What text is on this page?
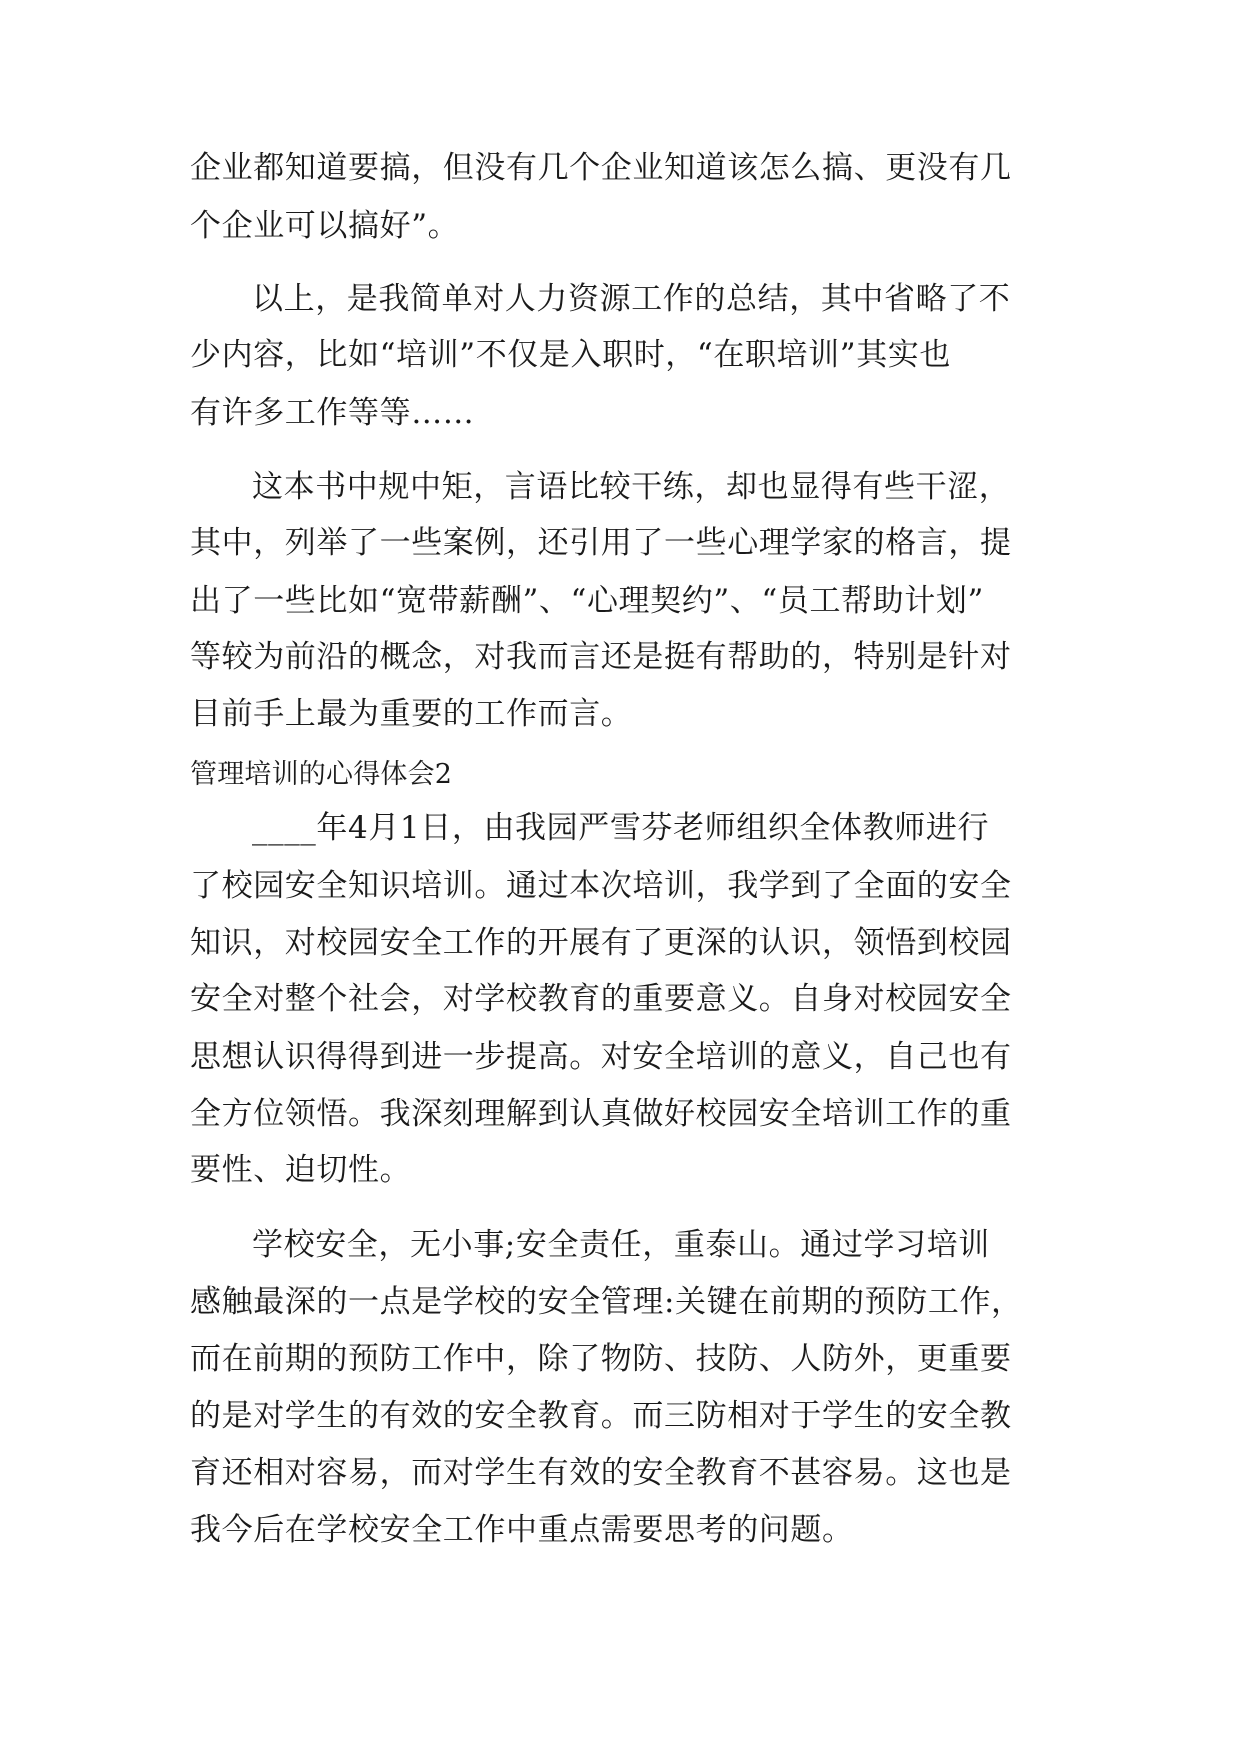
企业都知道要搞，但没有几个企业知道该怎么搞、更没有几
个企业可以搞好”。
以上，是我简单对人力资源工作的总结，其中省略了不
少内容，比如“培训”不仅是入职时，“在职培训”其实也
有许多工作等等……
这本书中规中矩，言语比较干练，却也显得有些干涩，
其中，列举了一些案例，还引用了一些心理学家的格言，提
出了一些比如“宽带薪酬”、“心理契约”、“员工帮助计划”
等较为前沿的概念，对我而言还是挺有帮助的，特别是针对
目前手上最为重要的工作而言。
管理培训的心得体会2
____年4月1日，由我园严雪芬老师组织全体教师进行
了校园安全知识培训。通过本次培训，我学到了全面的安全
知识，对校园安全工作的开展有了更深的认识，领悟到校园
安全对整个社会，对学校教育的重要意义。自身对校园安全
思想认识得得到进一步提高。对安全培训的意义，自己也有
全方位领悟。我深刻理解到认真做好校园安全培训工作的重
要性、迫切性。
学校安全，无小事;安全责任，重泰山。通过学习培训
感触最深的一点是学校的安全管理:关键在前期的预防工作，
而在前期的预防工作中，除了物防、技防、人防外，更重要
的是对学生的有效的安全教育。而三防相对于学生的安全教
育还相对容易，而对学生有效的安全教育不甚容易。这也是
我今后在学校安全工作中重点需要思考的问题。
